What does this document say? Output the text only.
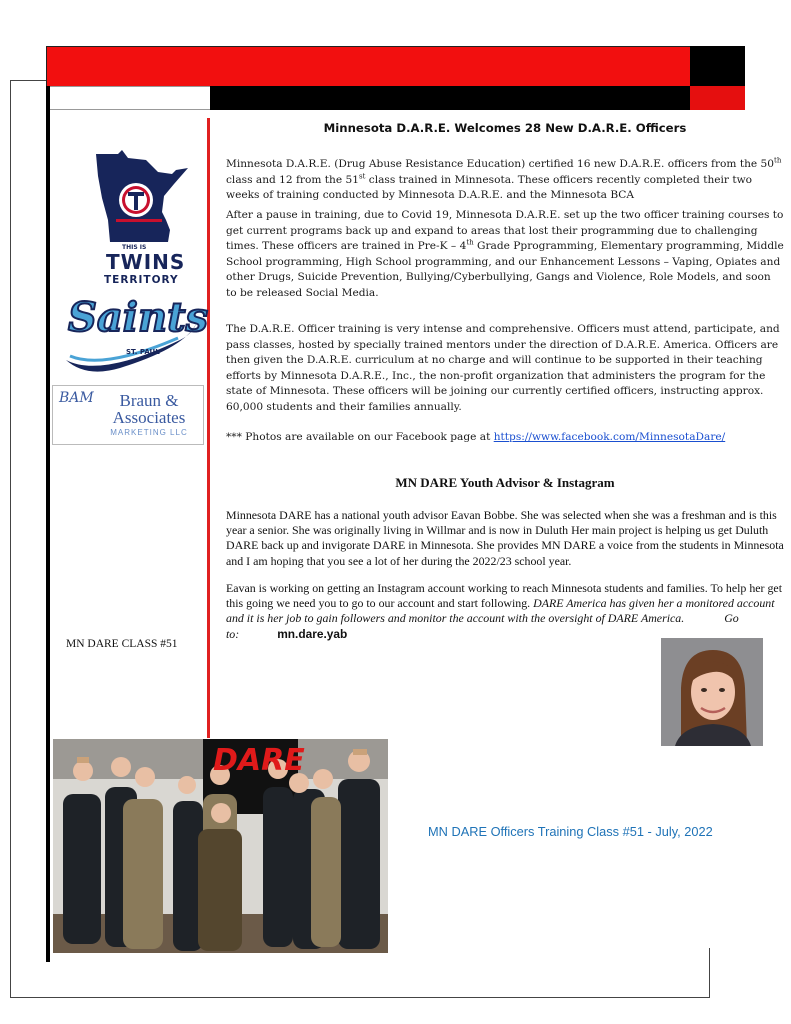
THIS IS
TWINS
TERRITORY
Saints
ST. PAUL
BAM	Braun & Associates
MARKETING LLC
MN DARE CLASS #51
Minnesota D.A.R.E. Welcomes 28 New D.A.R.E. Officers
Minnesota D.A.R.E. (Drug Abuse Resistance Education) certified 16 new D.A.R.E. officers from the 50th class and 12 from the 51st class trained in Minnesota. These officers recently completed their two weeks of training conducted by Minnesota D.A.R.E. and the Minnesota BCA
After a pause in training, due to Covid 19, Minnesota D.A.R.E. set up the two officer training courses to get current programs back up and expand to areas that lost their programming due to challenging times. These officers are trained in Pre-K – 4th Grade Pprogramming, Elementary programming, Middle School programming, High School programming, and our Enhancement Lessons – Vaping, Opiates and other Drugs, Suicide Prevention, Bullying/Cyberbullying, Gangs and Violence, Role Models, and soon to be released Social Media.
The D.A.R.E. Officer training is very intense and comprehensive. Officers must attend, participate, and pass classes, hosted by specially trained mentors under the direction of D.A.R.E. America. Officers are then given the D.A.R.E. curriculum at no charge and will continue to be supported in their teaching efforts by Minnesota D.A.R.E., Inc., the non-profit organization that administers the program for the state of Minnesota. These officers will be joining our currently certified officers, instructing approx. 60,000 students and their families annually.
*** Photos are available on our Facebook page at https://www.facebook.com/MinnesotaDare/
MN DARE Youth Advisor & Instagram
Minnesota DARE has a national youth advisor Eavan Bobbe. She was selected when she was a freshman and is this year a senior. She was originally living in Willmar and is now in Duluth Her main project is helping us get Duluth DARE back up and invigorate DARE in Minnesota. She provides MN DARE a voice from the students in Minnesota and I am hoping that you see a lot of her during the 2022/23 school year.
Eavan is working on getting an Instagram account working to reach Minnesota students and families. To help her get this going we need you to go to our account and start following. DARE America has given her a monitored account and it is her job to gain followers and monitor the account with the oversight of DARE America.	Go to:	mn.dare.yab
DARE
MN DARE Officers Training Class #51 - July, 2022
